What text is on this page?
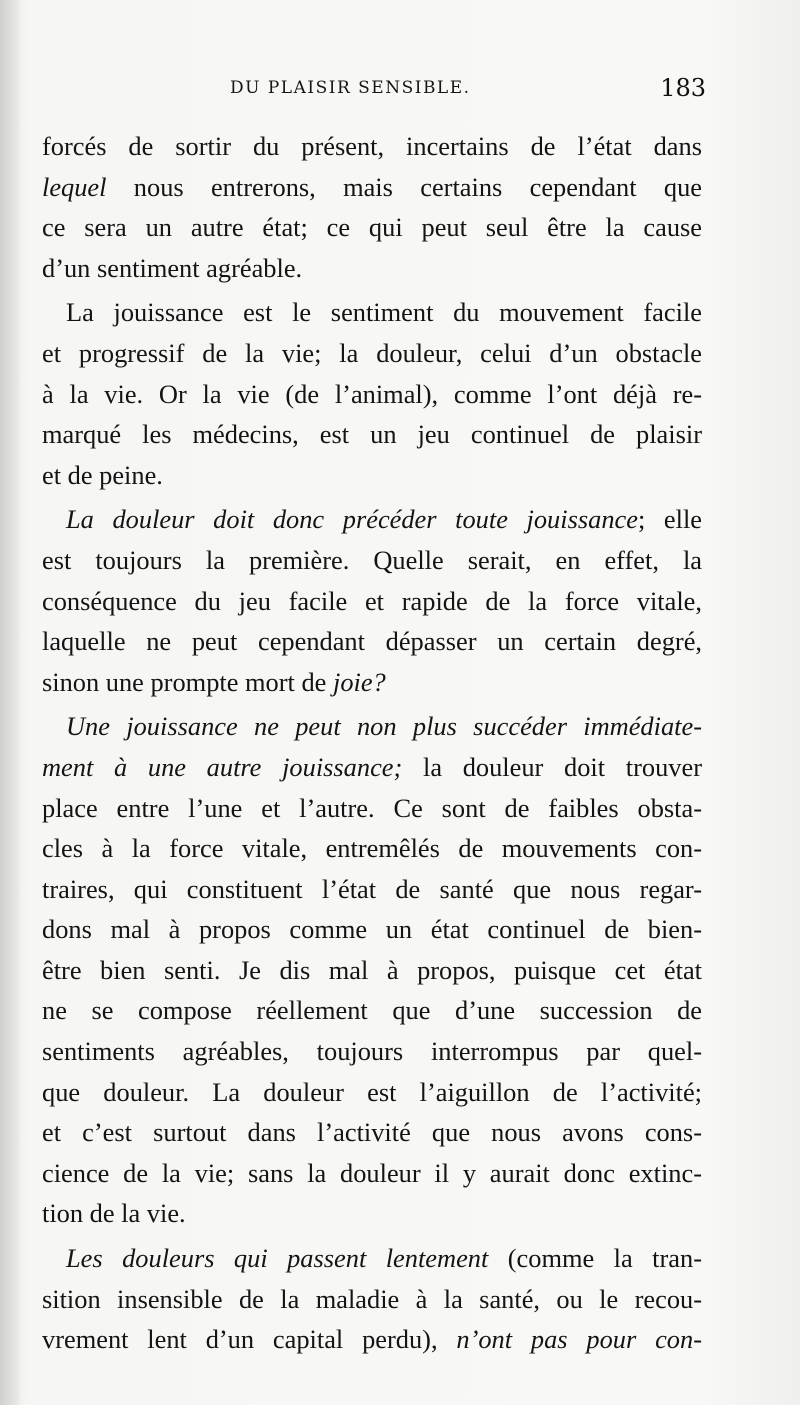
DU PLAISIR SENSIBLE.	183
forcés de sortir du présent, incertains de l’état dans
lequel nous entrerons, mais certains cependant que
ce sera un autre état; ce qui peut seul être la cause
d’un sentiment agréable.
La jouissance est le sentiment du mouvement facile
et progressif de la vie; la douleur, celui d’un obstacle
à la vie. Or la vie (de l’animal), comme l’ont déjà re-
marqué les médecins, est un jeu continuel de plaisir
et de peine.
La douleur doit donc précéder toute jouissance; elle
est toujours la première. Quelle serait, en effet, la
conséquence du jeu facile et rapide de la force vitale,
laquelle ne peut cependant dépasser un certain degré,
sinon une prompte mort de joie?
Une jouissance ne peut non plus succéder immédiate-
ment à une autre jouissance; la douleur doit trouver
place entre l’une et l’autre. Ce sont de faibles obsta-
cles à la force vitale, entremêlés de mouvements con-
traires, qui constituent l’état de santé que nous regar-
dons mal à propos comme un état continuel de bien-
être bien senti. Je dis mal à propos, puisque cet état
ne se compose réellement que d’une succession de
sentiments agréables, toujours interrompus par quel-
que douleur. La douleur est l’aiguillon de l’activité;
et c’est surtout dans l’activité que nous avons cons-
cience de la vie; sans la douleur il y aurait donc extinc-
tion de la vie.
Les douleurs qui passent lentement (comme la tran-
sition insensible de la maladie à la santé, ou le recou-
vrement lent d’un capital perdu), n’ont pas pour con-
